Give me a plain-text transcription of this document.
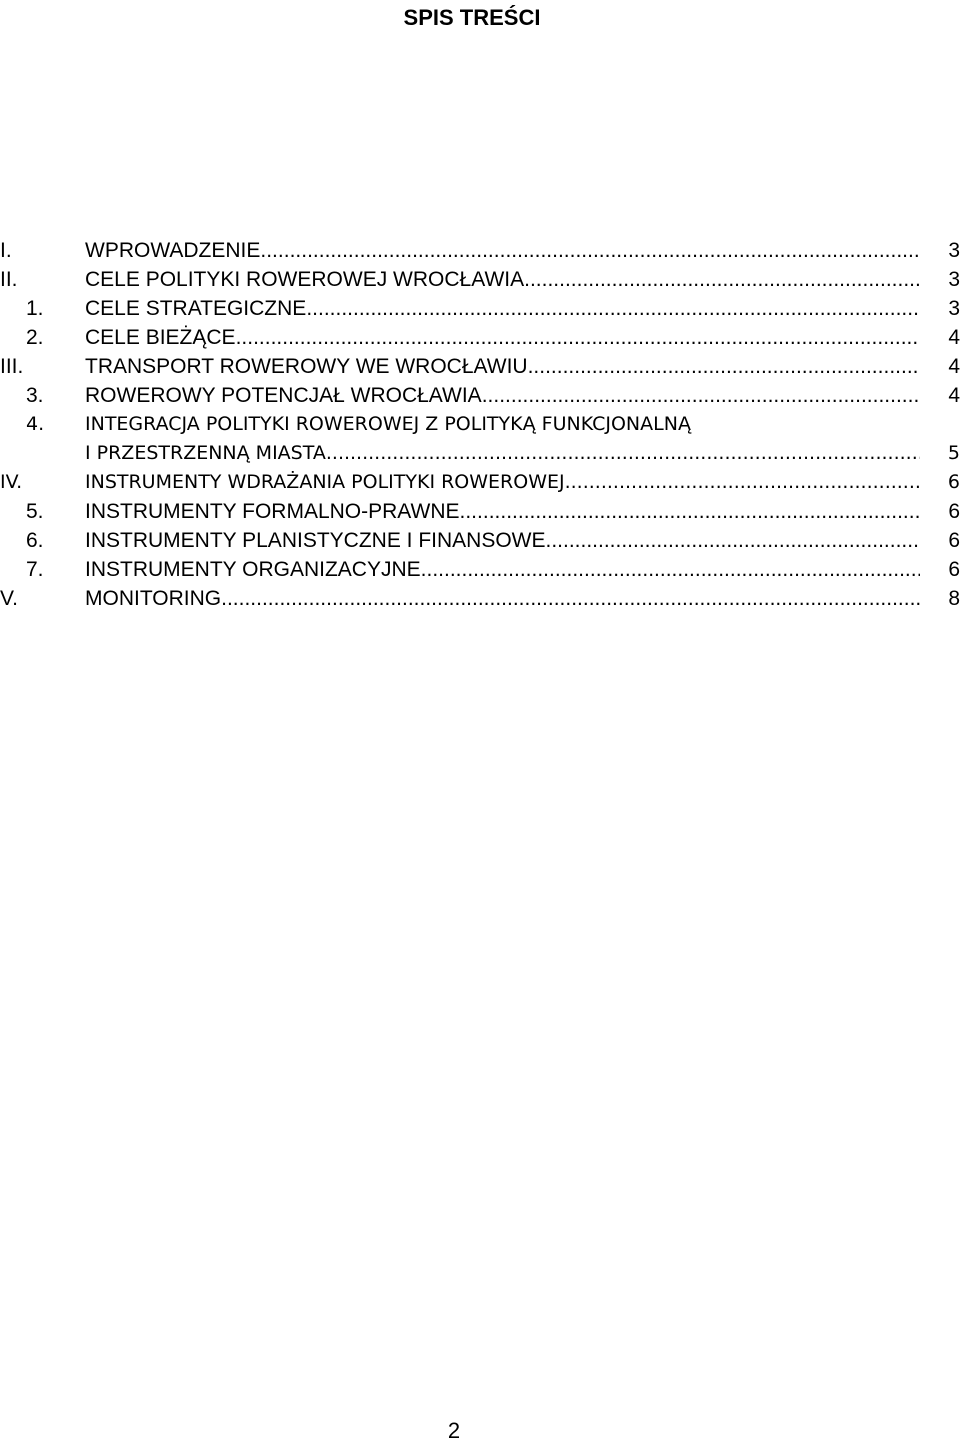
SPIS TREŚCI
I.	WPROWADZENIE .....	3
II.	CELE POLITYKI ROWEROWEJ WROCŁAWIA .....	3
1.	CELE STRATEGICZNE .....	3
2.	CELE BIEŻĄCE .....	4
III.	TRANSPORT ROWEROWY WE WROCŁAWIU .....	4
3.	ROWEROWY POTENCJAŁ WROCŁAWIA .....	4
4.	INTEGRACJA POLITYKI ROWEROWEJ Z POLITYKĄ FUNKCJONALNĄ
I PRZESTRZENNĄ MIASTA .....	5
IV.	INSTRUMENTY WDRAŻANIA POLITYKI ROWEROWEJ .....	6
5.	INSTRUMENTY FORMALNO-PRAWNE .....	6
6.	INSTRUMENTY PLANISTYCZNE I FINANSOWE .....	6
7.	INSTRUMENTY ORGANIZACYJNE .....	6
V.	MONITORING .....	8
2
